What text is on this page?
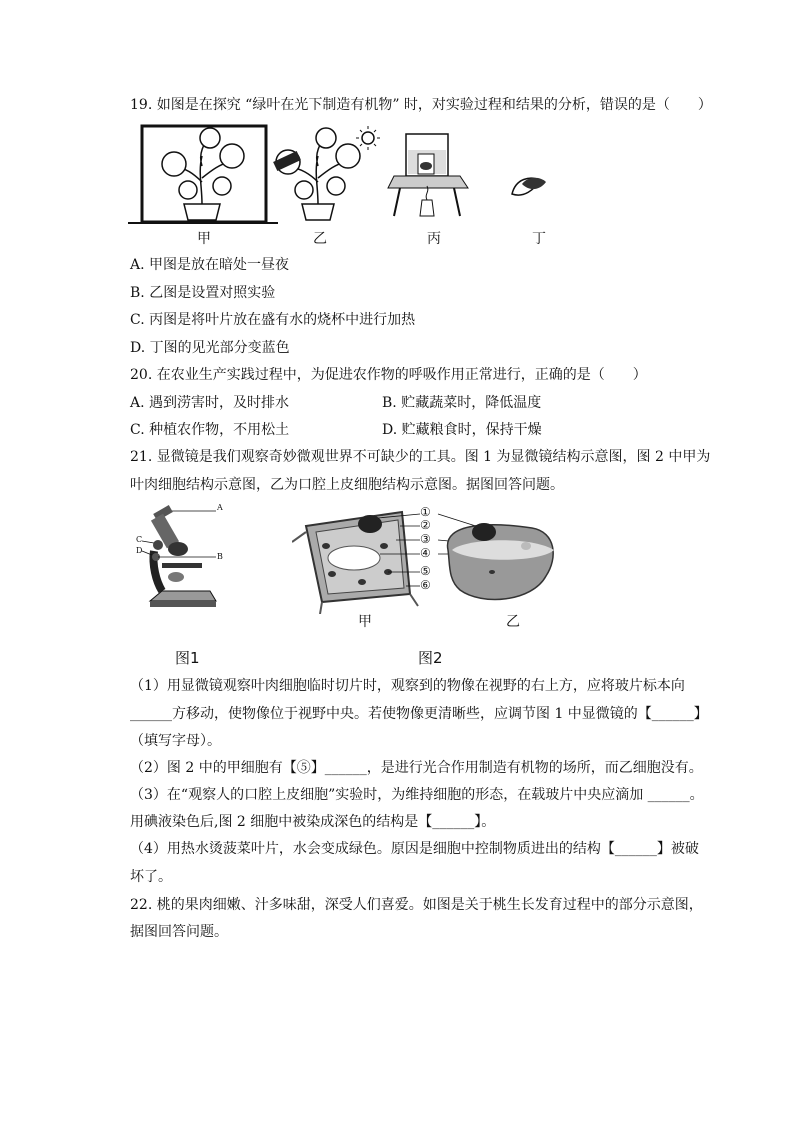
19. 如图是在探究 “绿叶在光下制造有机物” 时，对实验过程和结果的分析，错误的是（　　）
甲	乙	丙	丁
A. 甲图是放在暗处一昼夜
B. 乙图是设置对照实验
C. 丙图是将叶片放在盛有水的烧杯中进行加热
D. 丁图的见光部分变蓝色
20. 在农业生产实践过程中，为促进农作物的呼吸作用正常进行，正确的是（　　）
A. 遇到涝害时，及时排水	B. 贮藏蔬菜时，降低温度
C. 种植农作物，不用松土	D. 贮藏粮食时，保持干燥
21. 显微镜是我们观察奇妙微观世界不可缺少的工具。图 1 为显微镜结构示意图，图 2 中甲为
叶肉细胞结构示意图，乙为口腔上皮细胞结构示意图。据图回答问题。
A
C
D
B
①
②
③
④
⑤
⑥
甲	乙
图1	图2
（1）用显微镜观察叶肉细胞临时切片时，观察到的物像在视野的右上方，应将玻片标本向
______方移动，使物像位于视野中央。若使物像更清晰些，应调节图 1 中显微镜的【______】
（填写字母）。
（2）图 2 中的甲细胞有【⑤】______，是进行光合作用制造有机物的场所，而乙细胞没有。
（3）在“观察人的口腔上皮细胞”实验时，为维持细胞的形态，在载玻片中央应滴加 ______。
用碘液染色后,图 2 细胞中被染成深色的结构是【______】。
（4）用热水烫菠菜叶片，水会变成绿色。原因是细胞中控制物质进出的结构【______】被破
坏了。
22. 桃的果肉细嫩、汁多味甜，深受人们喜爱。如图是关于桃生长发育过程中的部分示意图，
据图回答问题。
